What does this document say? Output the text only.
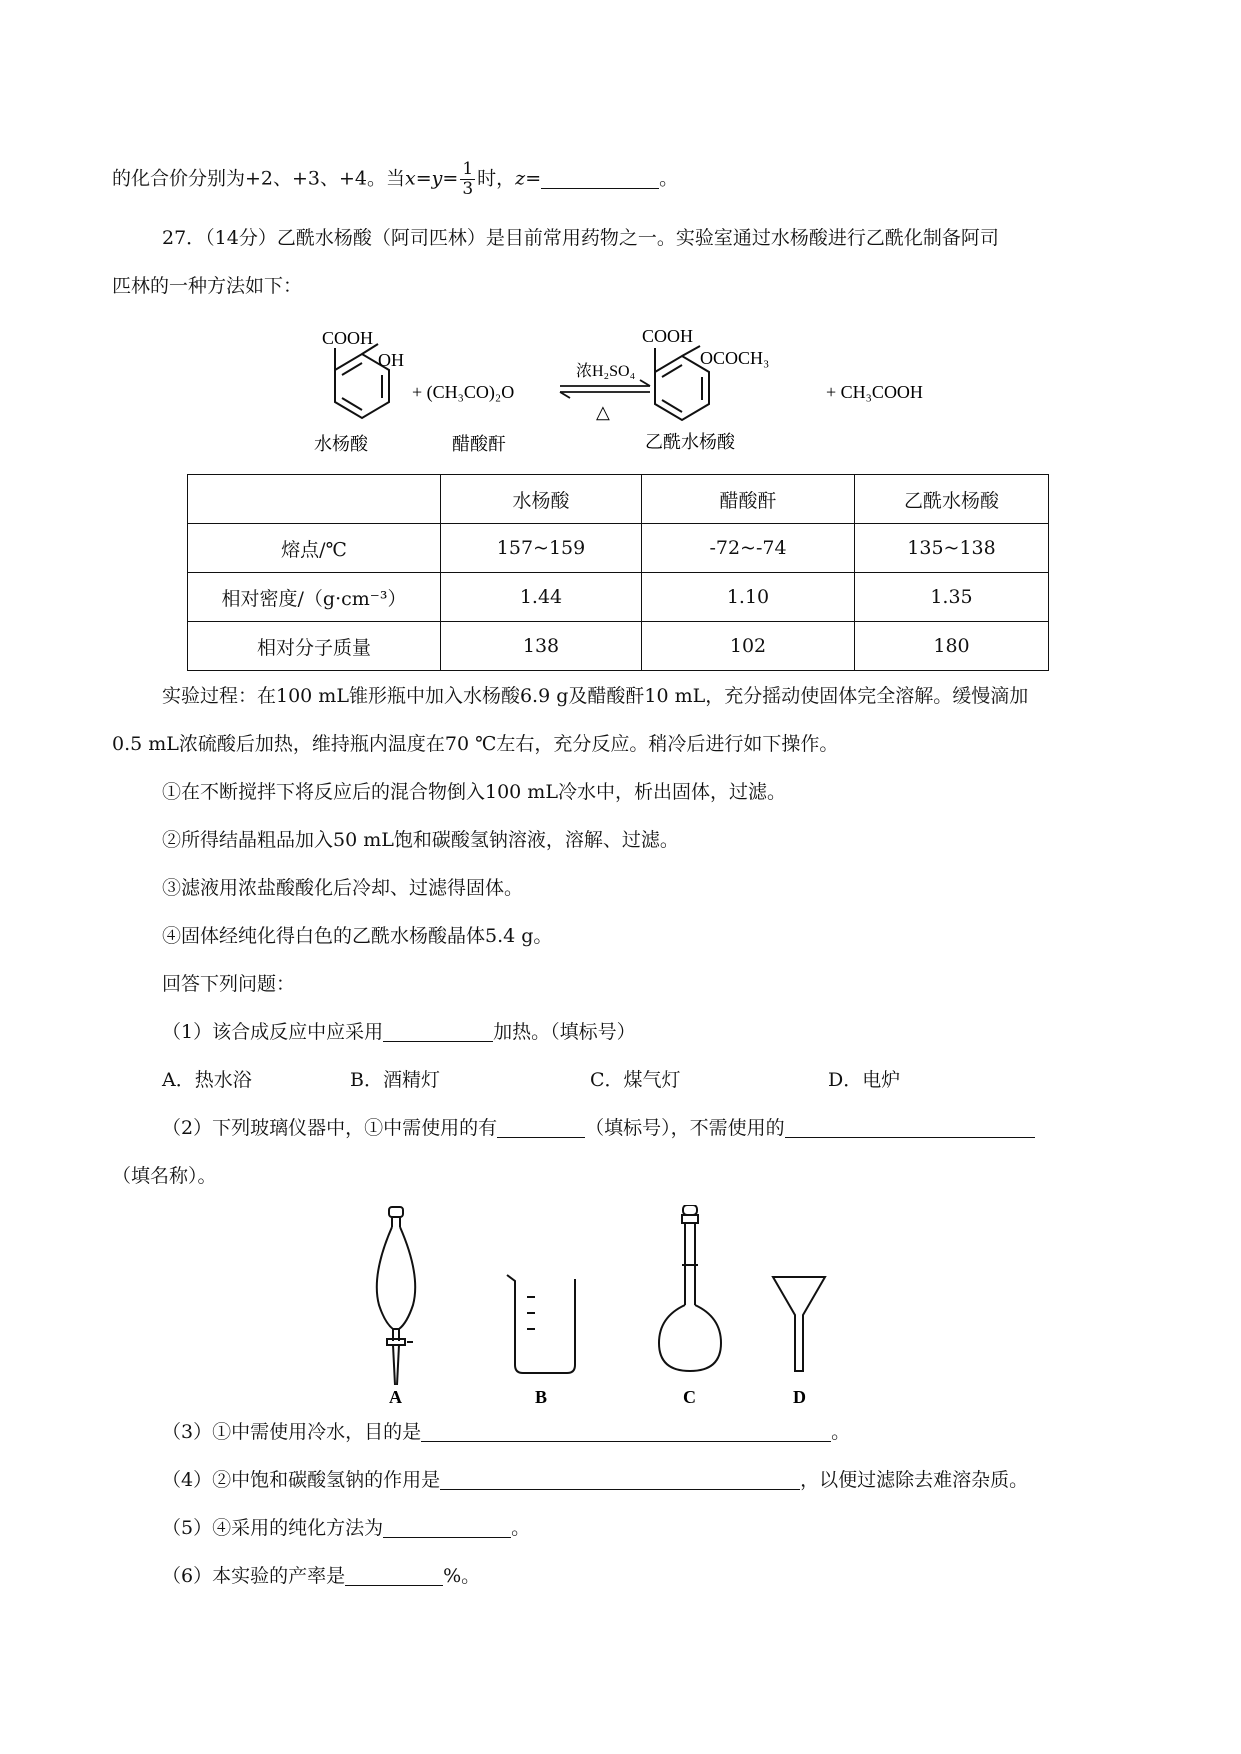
的化合价分别为+2、+3、+4。当$x=y= \frac{1}{3}$ 时，z=	。
27．（14分）乙酰水杨酸（阿司匹林）是目前常用药物之一。实验室通过水杨酸进行乙酰化制备阿司
匹林的一种方法如下：
COOH
OH
+ (CH₃CO)₂O
浓H₂SO₄
△
COOH
OCOCH₃
+ CH₃COOH
水杨酸	醋酸酐	乙酰水杨酸
	水杨酸	醋酸酐	乙酰水杨酸
熔点/℃	157~159	-72~-74	135~138
相对密度/（g·cm⁻³）	1.44	1.10	1.35
相对分子质量	138	102	180
实验过程：在100 mL锥形瓶中加入水杨酸6.9 g及醋酸酐10 mL，充分摇动使固体完全溶解。缓慢滴加
0.5 mL浓硫酸后加热，维持瓶内温度在70 ℃左右，充分反应。稍冷后进行如下操作。
①在不断搅拌下将反应后的混合物倒入100 mL冷水中，析出固体，过滤。
②所得结晶粗品加入50 mL饱和碳酸氢钠溶液，溶解、过滤。
③滤液用浓盐酸酸化后冷却、过滤得固体。
④固体经纯化得白色的乙酰水杨酸晶体5.4 g。
回答下列问题：
（1）该合成反应中应采用	加热。（填标号）
A．热水浴	B．酒精灯	C．煤气灯	D．电炉
（2）下列玻璃仪器中，①中需使用的有	（填标号），不需使用的
（填名称）。
A	B	C	D
（3）①中需使用冷水，目的是	。
（4）②中饱和碳酸氢钠的作用是	，以便过滤除去难溶杂质。
（5）④采用的纯化方法为	。
（6）本实验的产率是	%。
